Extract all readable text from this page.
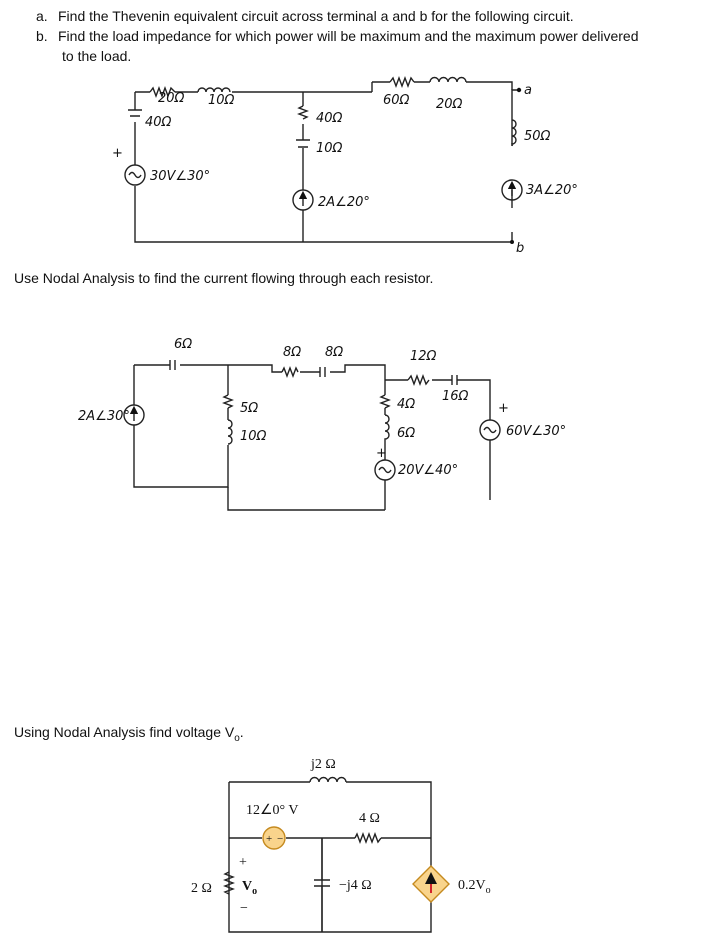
a. Find the Thevenin equivalent circuit across terminal a and b for the following circuit.
b. Find the load impedance for which power will be maximum and the maximum power delivered
to the load.
Use Nodal Analysis to find the current flowing through each resistor.
Using Nodal Analysis find voltage $V_o$.
+
20Ω 10Ω
40Ω
30V∠30°
40Ω
10Ω
2A∠20°
60Ω 20Ω
a
50Ω
3A∠20°
b
6Ω
2A∠30°
5Ω
10Ω
8Ω 8Ω
4Ω
6Ω
+
20V∠40°
12Ω
16Ω
+
60V∠30°
j2 Ω
+ −
12∠0° V
4 Ω
2 Ω
+
$V_o$
−
−j4 Ω	$0.2V_o$
